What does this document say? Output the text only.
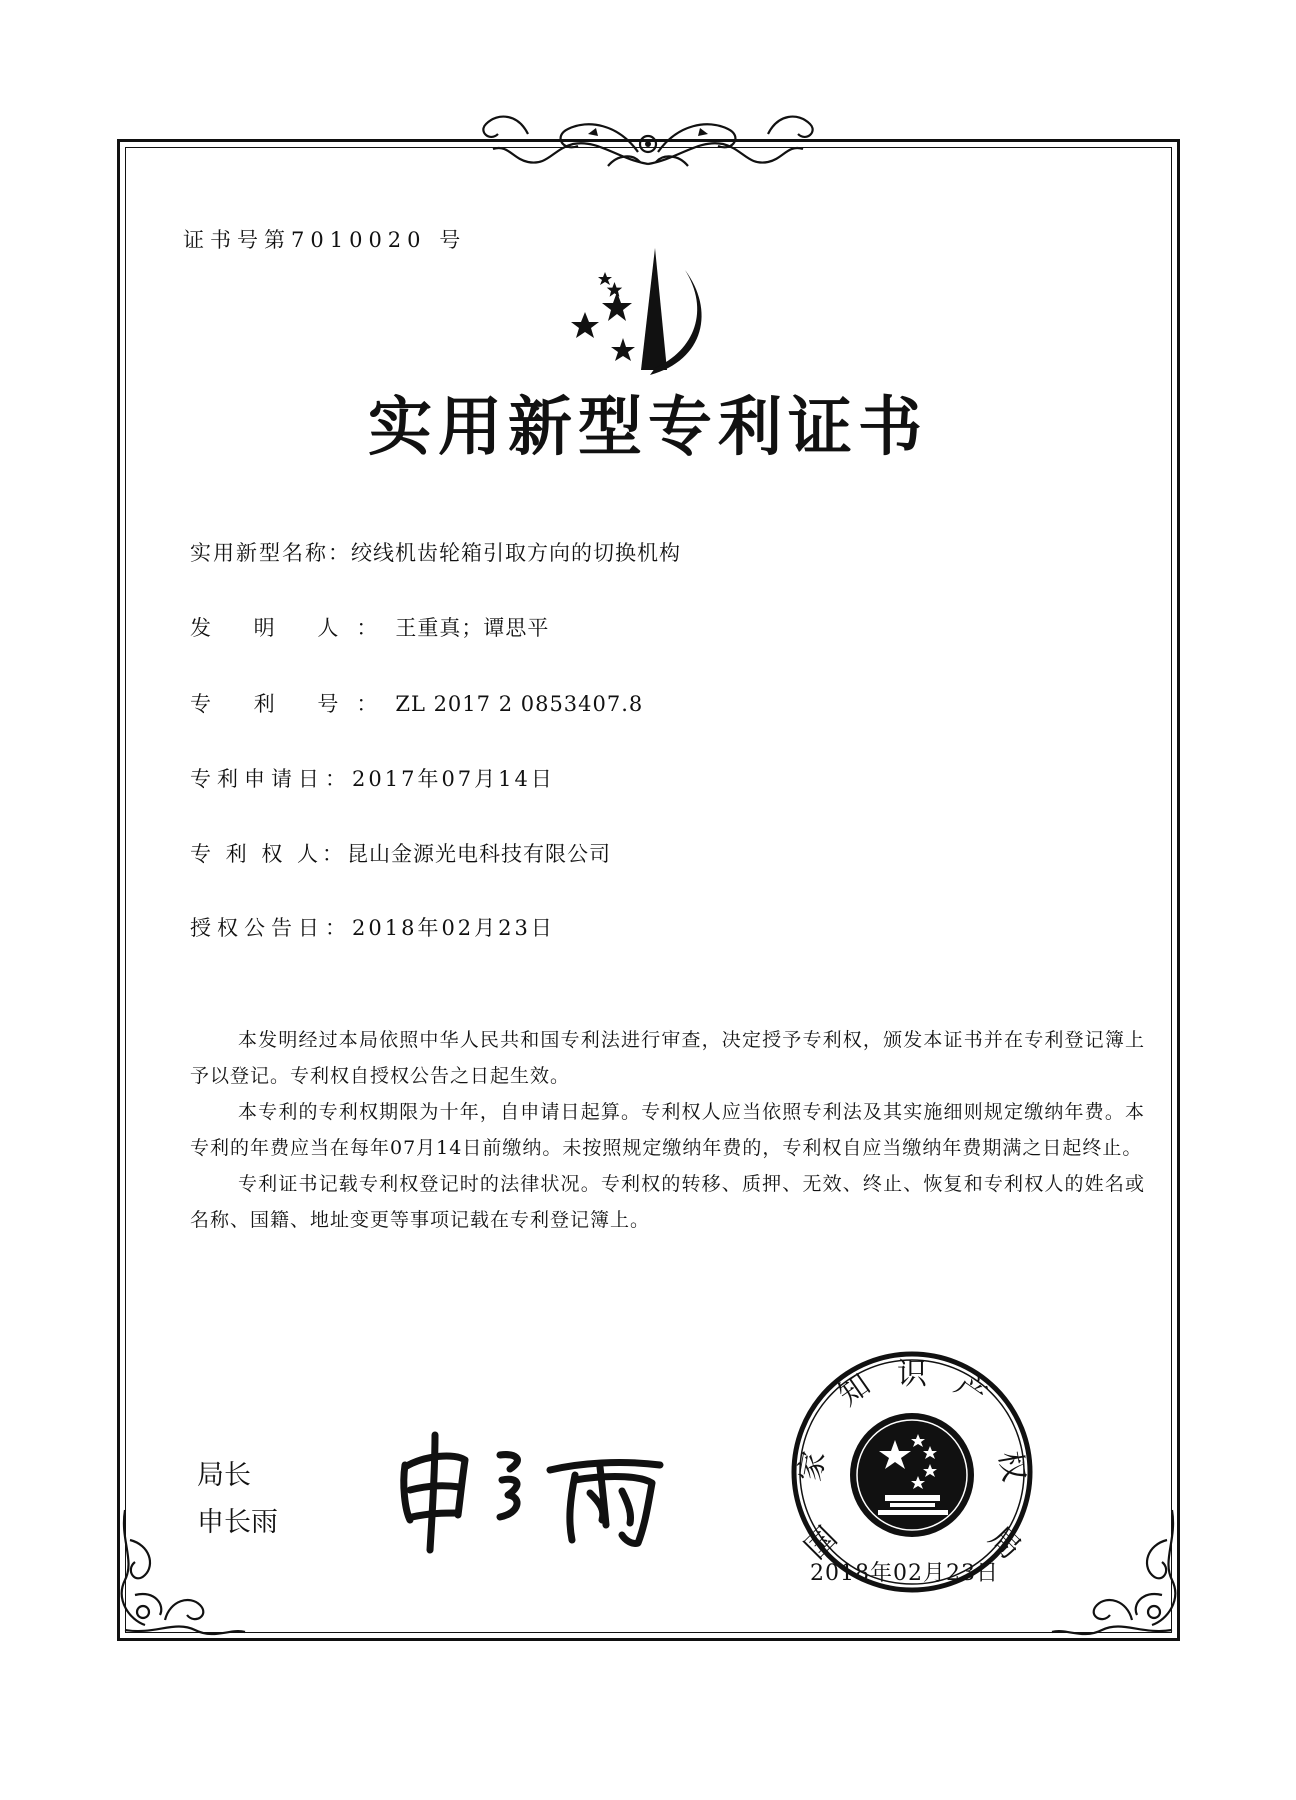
证书号第7010020 号
实用新型专利证书
实用新型名称：绞线机齿轮箱引取方向的切换机构
发 明 人：王重真；谭思平
专 利 号：ZL 2017 2 0853407.8
专利申请日：2017年07月14日
专 利 权 人：昆山金源光电科技有限公司
授权公告日：2018年02月23日

本发明经过本局依照中华人民共和国专利法进行审查，决定授予专利权，颁发本证书并在专利登记簿上予以登记。专利权自授权公告之日起生效。

本专利的专利权期限为十年，自申请日起算。专利权人应当依照专利法及其实施细则规定缴纳年费。本专利的年费应当在每年07月14日前缴纳。未按照规定缴纳年费的，专利权自应当缴纳年费期满之日起终止。

专利证书记载专利权登记时的法律状况。专利权的转移、质押、无效、终止、恢复和专利权人的姓名或名称、国籍、地址变更等事项记载在专利登记簿上。

局长
申长雨	国
家
知 识 产
权
局
2018年02月23日
